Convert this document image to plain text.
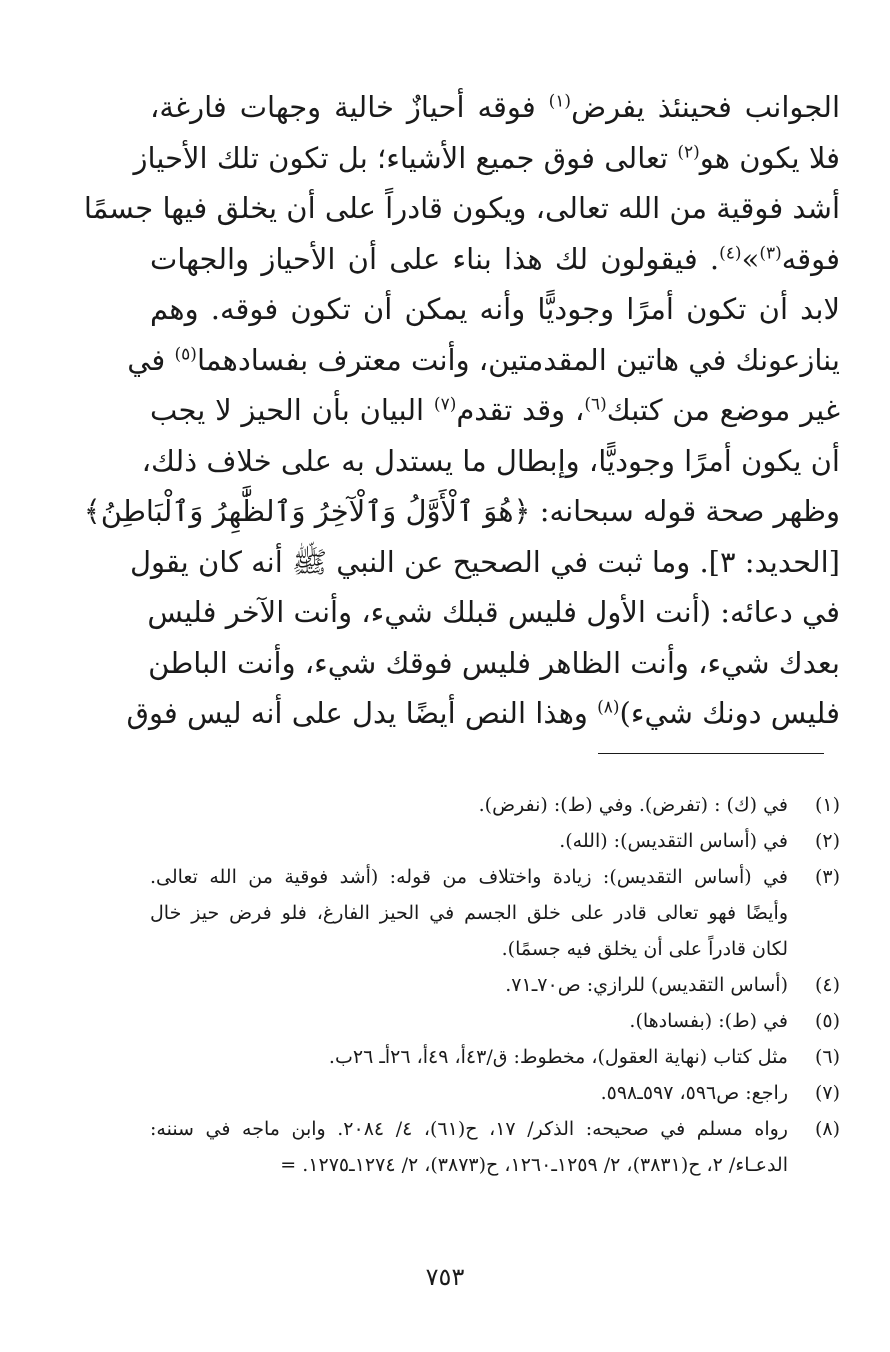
الجوانب فحينئذ يفرض$^{(١)}$ فوقه أحيازٌ خالية وجهات فارغة،
فلا يكون هو$^{(٢)}$ تعالى فوق جميع الأشياء؛ بل تكون تلك الأحياز
أشد فوقية من الله تعالى، ويكون قادراً على أن يخلق فيها جسمًا
فوقه$^{(٣)}$»$^{(٤)}$. فيقولون لك هذا بناء على أن الأحياز والجهات
لابد أن تكون أمرًا وجوديًّا وأنه يمكن أن تكون فوقه. وهم
ينازعونك في هاتين المقدمتين، وأنت معترف بفسادهما$^{(٥)}$ في
غير موضع من كتبك$^{(٦)}$، وقد تقدم$^{(٧)}$ البيان بأن الحيز لا يجب
أن يكون أمرًا وجوديًّا، وإبطال ما يستدل به على خلاف ذلك،
وظهر صحة قوله سبحانه: ﴿هُوَ ٱلْأَوَّلُ وَٱلْآخِرُ وَٱلظَّٰهِرُ وَٱلْبَاطِنُ﴾
[الحديد: ٣]. وما ثبت في الصحيح عن النبي ﷺ أنه كان يقول
في دعائه: (أنت الأول فليس قبلك شيء، وأنت الآخر فليس
بعدك شيء، وأنت الظاهر فليس فوقك شيء، وأنت الباطن
فليس دونك شيء)$^{(٨)}$ وهذا النص أيضًا يدل على أنه ليس فوق
(١)
في (ك) : (تفرض). وفي (ط): (نفرض).
(٢)
في (أساس التقديس): (الله).
(٣)
في (أساس التقديس): زيادة واختلاف من قوله: (أشد فوقية من الله تعالى.
وأيضًا فهو تعالى قادر على خلق الجسم في الحيز الفارغ، فلو فرض حيز خال
لكان قادراً على أن يخلق فيه جسمًا).
(٤)
(أساس التقديس) للرازي: ص٧٠ـ٧١.
(٥)
في (ط): (بفسادها).
(٦)
مثل كتاب (نهاية العقول)، مخطوط: ق/٤٣أ، ٤٩أ، ٢٦أـ ٢٦ب.
(٧)
راجع: ص٥٩٦، ٥٩٧ـ٥٩٨.
(٨)
رواه مسلم في صحيحه: الذكر/ ١٧، ح(٦١)، ٤/ ٢٠٨٤. وابن ماجه في سننه:
الدعـاء/ ٢، ح(٣٨٣١)، ٢/ ١٢٥٩ـ١٢٦٠، ح(٣٨٧٣)، ٢/ ١٢٧٤ـ١٢٧٥. =
٧٥٣
